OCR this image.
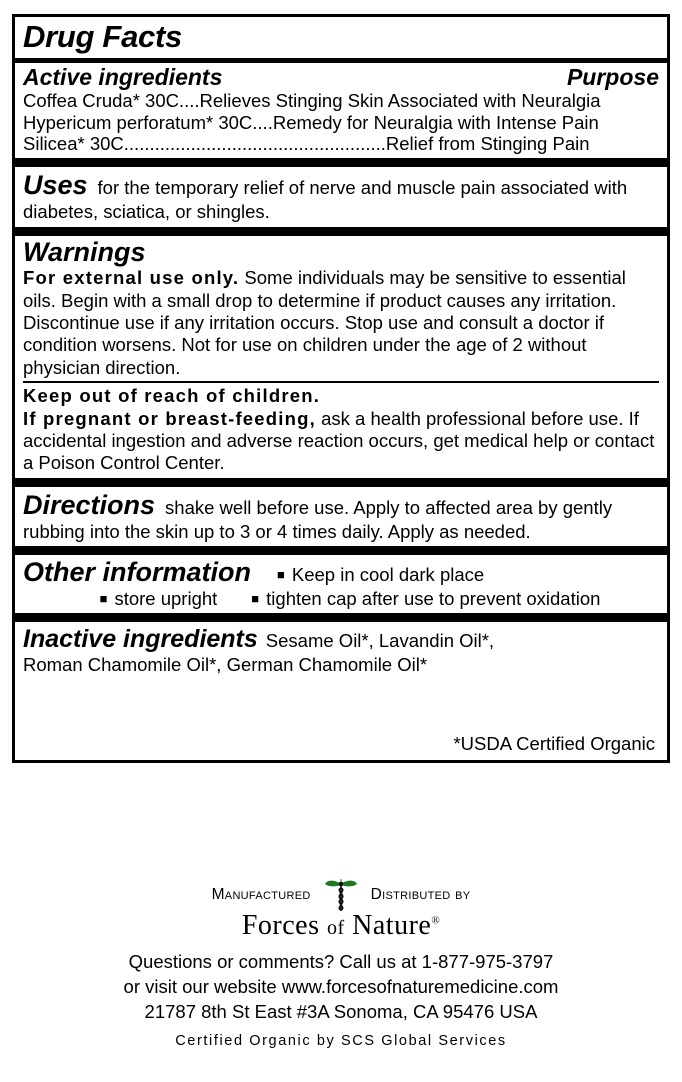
Drug Facts
Active ingredients	Purpose
Coffea Cruda* 30C....Relieves Stinging Skin Associated with Neuralgia
Hypericum perforatum* 30C....Remedy for Neuralgia with Intense Pain
Silicea* 30C...................................................Relief from Stinging Pain
Uses for the temporary relief of nerve and muscle pain associated with diabetes, sciatica, or shingles.
Warnings
For external use only. Some individuals may be sensitive to essential oils. Begin with a small drop to determine if product causes any irritation. Discontinue use if any irritation occurs. Stop use and consult a doctor if condition worsens. Not for use on children under the age of 2 without physician direction.
Keep out of reach of children.
If pregnant or breast-feeding, ask a health professional before use. If accidental ingestion and adverse reaction occurs, get medical help or contact a Poison Control Center.
Directions shake well before use. Apply to affected area by gently rubbing into the skin up to 3 or 4 times daily. Apply as needed.
Other information	■ Keep in cool dark place
■ store upright	■ tighten cap after use to prevent oxidation
Inactive ingredients Sesame Oil*, Lavandin Oil*,
Roman Chamomile Oil*, German Chamomile Oil*
*USDA Certified Organic
Manufactured	Distributed by
Forces of Nature®
Questions or comments? Call us at 1-877-975-3797
or visit our website www.forcesofnaturemedicine.com
21787 8th St East #3A Sonoma, CA 95476 USA
Certified Organic by SCS Global Services
